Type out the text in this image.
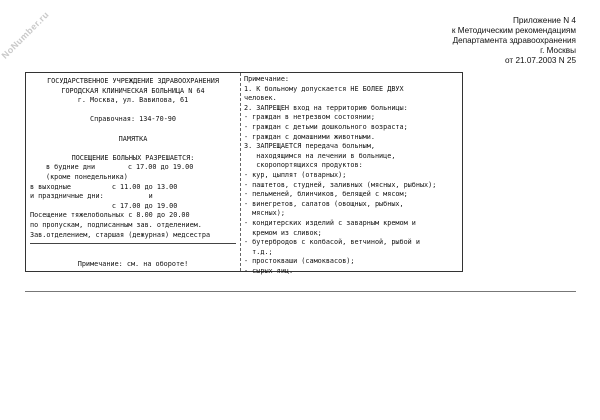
NoNumber.ru	Приложение N 4
к Методическим рекомендациям
Департамента здравоохранения
г. Москвы
от 21.07.2003 N 25
ГОСУДАРСТВЕННОЕ УЧРЕЖДЕНИЕ ЗДРАВООХРАНЕНИЯ
ГОРОДСКАЯ КЛИНИЧЕСКАЯ БОЛЬНИЦА N 64
г. Москва, ул. Вавилова, 61
Справочная: 134-70-90
ПАМЯТКА
ПОСЕЩЕНИЕ БОЛЬНЫХ РАЗРЕШАЕТСЯ:
в будние дни        с 17.00 до 19.00
(кроме понедельника)
в выходные          с 11.00 до 13.00
и праздничные дни:           и
с 17.00 до 19.00
Посещение тяжелобольных с 8.00 до 20.00
по пропускам, подписанным зав. отделением.
Зав.отделением, старшая (дежурная) медсестра
Примечание: см. на обороте!
Примечание:
1. К больному допускается НЕ БОЛЕЕ ДВУХ
человек.
2. ЗАПРЕЩЕН вход на территорию больницы:
- граждан в нетрезвом состоянии;
- граждан с детьми дошкольного возраста;
- граждан с домашними животными.
3. ЗАПРЕЩАЕТСЯ передача больным,
находящимся на лечении в больнице,
скоропортящихся продуктов:
- кур, цыплят (отварных);
- паштетов, студней, заливных (мясных, рыбных);
- пельменей, блинчиков, белящей с мясом;
- винегретов, салатов (овощных, рыбных,
мясных);
- кондитерских изделий с заварным кремом и
кремом из сливок;
- бутербродов с колбасой, ветчиной, рыбой и
т.д.;
- простокваши (самоквасов);
- сырых яиц.
